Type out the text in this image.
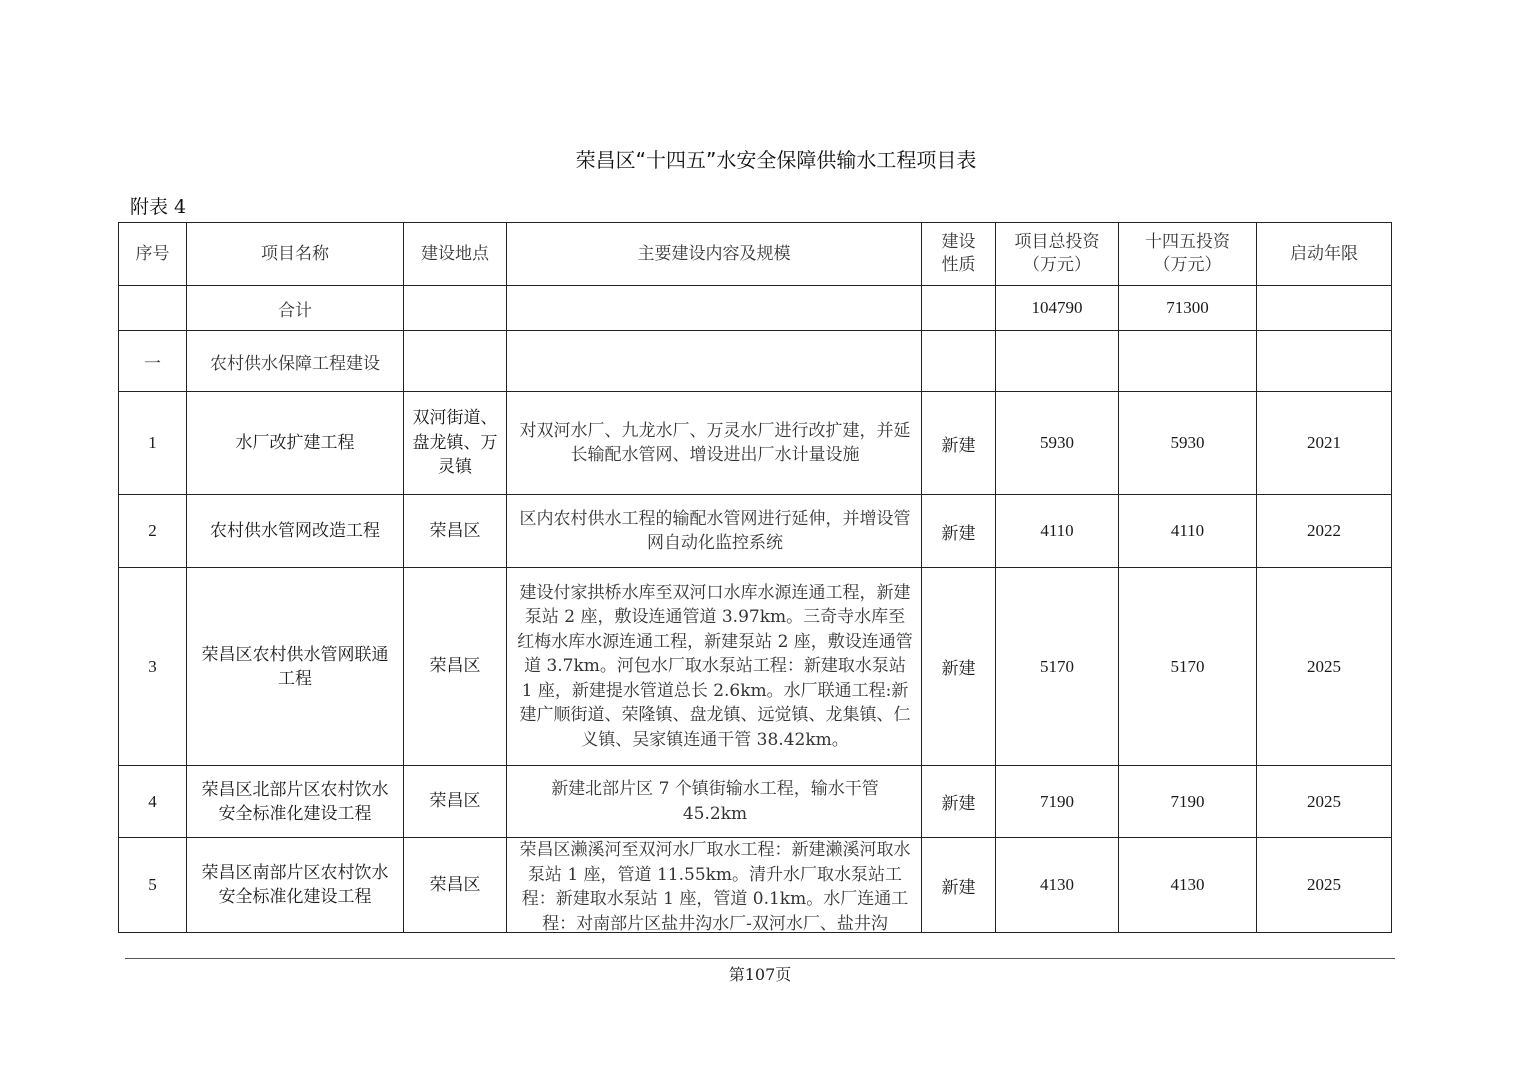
荣昌区“十四五”水安全保障供输水工程项目表
附表 4
序号	项目名称	建设地点	主要建设内容及规模	建设性质	项目总投资（万元）	十四五投资（万元）	启动年限
	合计				104790	71300	
一	农村供水保障工程建设						
1	水厂改扩建工程	双河街道、盘龙镇、万灵镇	对双河水厂、九龙水厂、万灵水厂进行改扩建，并延长输配水管网、增设进出厂水计量设施	新建	5930	5930	2021
2	农村供水管网改造工程	荣昌区	区内农村供水工程的输配水管网进行延伸，并增设管网自动化监控系统	新建	4110	4110	2022
3	荣昌区农村供水管网联通工程	荣昌区	建设付家拱桥水库至双河口水库水源连通工程，新建泵站 2 座，敷设连通管道 3.97km。三奇寺水库至红梅水库水源连通工程，新建泵站 2 座，敷设连通管道 3.7km。河包水厂取水泵站工程：新建取水泵站 1 座，新建提水管道总长 2.6km。水厂联通工程:新建广顺街道、荣隆镇、盘龙镇、远觉镇、龙集镇、仁义镇、吴家镇连通干管 38.42km。	新建	5170	5170	2025
4	荣昌区北部片区农村饮水安全标准化建设工程	荣昌区	新建北部片区 7 个镇街输水工程，输水干管 45.2km	新建	7190	7190	2025
5	荣昌区南部片区农村饮水安全标准化建设工程	荣昌区	荣昌区濑溪河至双河水厂取水工程：新建濑溪河取水泵站 1 座，管道 11.55km。清升水厂取水泵站工程：新建取水泵站 1 座，管道 0.1km。水厂连通工程：对南部片区盐井沟水厂-双河水厂、盐井沟	新建	4130	4130	2025
第107页
